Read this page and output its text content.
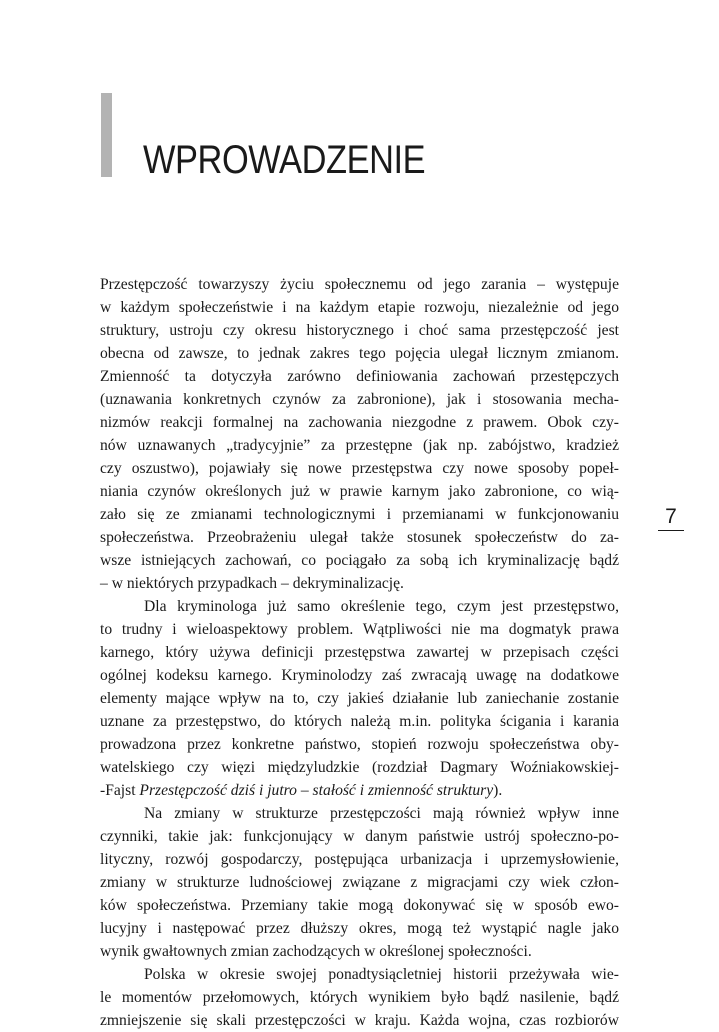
WPROWADZENIE
7
Przestępczość towarzyszy życiu społecznemu od jego zarania – występuje
w każdym społeczeństwie i na każdym etapie rozwoju, niezależnie od jego
struktury, ustroju czy okresu historycznego i choć sama przestępczość jest
obecna od zawsze, to jednak zakres tego pojęcia ulegał licznym zmianom.
Zmienność ta dotyczyła zarówno definiowania zachowań przestępczych
(uznawania konkretnych czynów za zabronione), jak i stosowania mecha-
nizmów reakcji formalnej na zachowania niezgodne z prawem. Obok czy-
nów uznawanych „tradycyjnie” za przestępne (jak np. zabójstwo, kradzież
czy oszustwo), pojawiały się nowe przestępstwa czy nowe sposoby popeł-
niania czynów określonych już w prawie karnym jako zabronione, co wią-
zało się ze zmianami technologicznymi i przemianami w funkcjonowaniu
społeczeństwa. Przeobrażeniu ulegał także stosunek społeczeństw do za-
wsze istniejących zachowań, co pociągało za sobą ich kryminalizację bądź
– w niektórych przypadkach – dekryminalizację.
Dla kryminologa już samo określenie tego, czym jest przestępstwo,
to trudny i wieloaspektowy problem. Wątpliwości nie ma dogmatyk prawa
karnego, który używa definicji przestępstwa zawartej w przepisach części
ogólnej kodeksu karnego. Kryminolodzy zaś zwracają uwagę na dodatkowe
elementy mające wpływ na to, czy jakieś działanie lub zaniechanie zostanie
uznane za przestępstwo, do których należą m.in. polityka ścigania i karania
prowadzona przez konkretne państwo, stopień rozwoju społeczeństwa oby-
watelskiego czy więzi międzyludzkie (rozdział Dagmary Woźniakowskiej-
-Fajst Przestępczość dziś i jutro – stałość i zmienność struktury).
Na zmiany w strukturze przestępczości mają również wpływ inne
czynniki, takie jak: funkcjonujący w danym państwie ustrój społeczno-po-
lityczny, rozwój gospodarczy, postępująca urbanizacja i uprzemysłowienie,
zmiany w strukturze ludnościowej związane z migracjami czy wiek człon-
ków społeczeństwa. Przemiany takie mogą dokonywać się w sposób ewo-
lucyjny i następować przez dłuższy okres, mogą też wystąpić nagle jako
wynik gwałtownych zmian zachodzących w określonej społeczności.
Polska w okresie swojej ponadtysiącletniej historii przeżywała wie-
le momentów przełomowych, których wynikiem było bądź nasilenie, bądź
zmniejszenie się skali przestępczości w kraju. Każda wojna, czas rozbiorów
